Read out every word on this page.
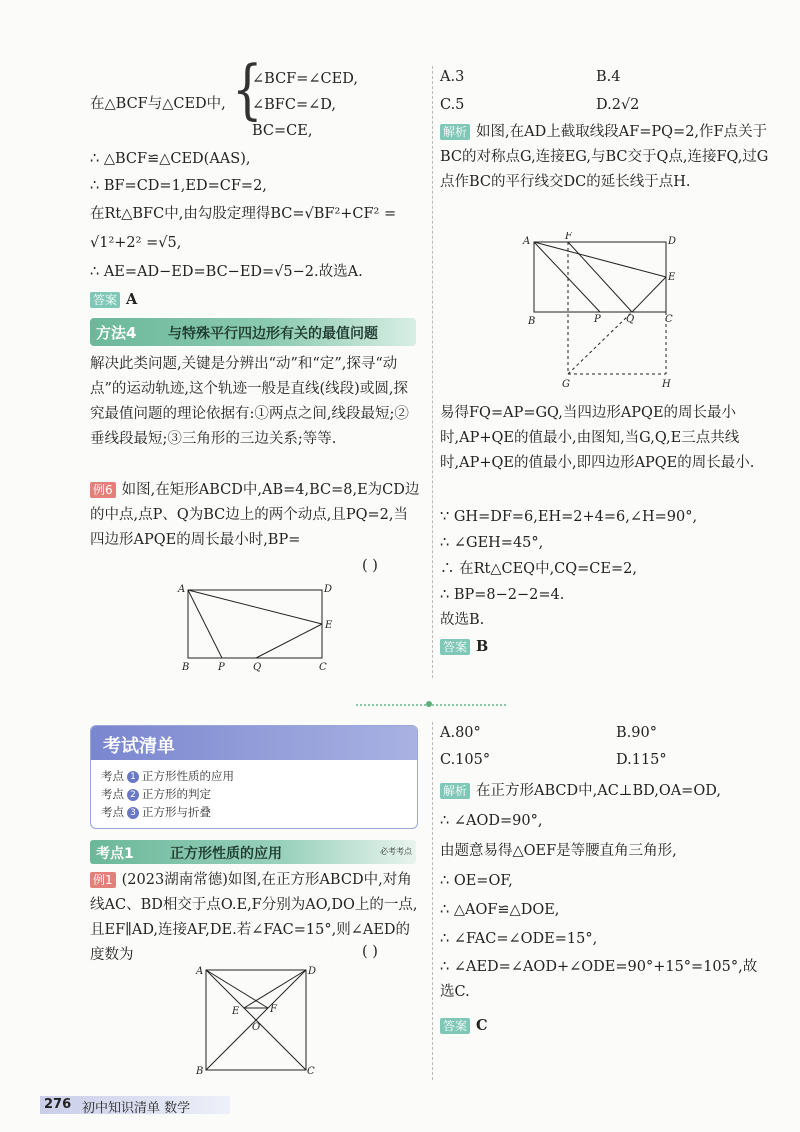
在△BCF与△CED中, {
∠BCF=∠CED,
∠BFC=∠D,
BC=CE,
∴ △BCF≌△CED(AAS),
∴ BF=CD=1,ED=CF=2,
在Rt△BFC中,由勾股定理得BC=√BF²+CF² =
√1²+2² =√5,
∴ AE=AD−ED=BC−ED=√5−2.故选A.
答案 A
方法4 与特殊平行四边形有关的最值问题
解决此类问题,关键是分辨出“动”和“定”,探寻“动点”的运动轨迹,这个轨迹一般是直线(线段)或圆,探究最值问题的理论依据有:①两点之间,线段最短;②垂线段最短;③三角形的三边关系;等等.
例6 如图,在矩形ABCD中,AB=4,BC=8,E为CD边的中点,点P、Q为BC边上的两个动点,且PQ=2,当四边形APQE的周长最小时,BP=
( )
A	D
E
B	P	Q	C
A.3	B.4
C.5	D.2√2
解析 如图,在AD上截取线段AF=PQ=2,作F点关于BC的对称点G,连接EG,与BC交于Q点,连接FQ,过G点作BC的平行线交DC的延长线于点H.
A	F	D
E
B	P	Q	C
G	H
易得FQ=AP=GQ,当四边形APQE的周长最小时,AP+QE的值最小,由图知,当G,Q,E三点共线时,AP+QE的值最小,即四边形APQE的周长最小.
∵ GH=DF=6,EH=2+4=6,∠H=90°,
∴ ∠GEH=45°,
∴ 在Rt△CEQ中,CQ=CE=2,
∴ BP=8−2−2=4.
故选B.
答案 B
考试清单
考点 1 正方形性质的应用
考点 2 正方形的判定
考点 3 正方形与折叠
考点1	正方形性质的应用	必考考点
例1 (2023湖南常德)如图,在正方形ABCD中,对角线AC、BD相交于点O.E,F分别为AO,DO上的一点,且EF∥AD,连接AF,DE.若∠FAC=15°,则∠AED的度数为	( )
A	D
E	F
O
B	C
A.80°	B.90°
C.105°	D.115°
解析 在正方形ABCD中,AC⊥BD,OA=OD,
∴ ∠AOD=90°,
由题意易得△OEF是等腰直角三角形,
∴ OE=OF,
∴ △AOF≌△DOE,
∴ ∠FAC=∠ODE=15°,
∴ ∠AED=∠AOD+∠ODE=90°+15°=105°,故选C.
答案 C
276 初中知识清单 数学
